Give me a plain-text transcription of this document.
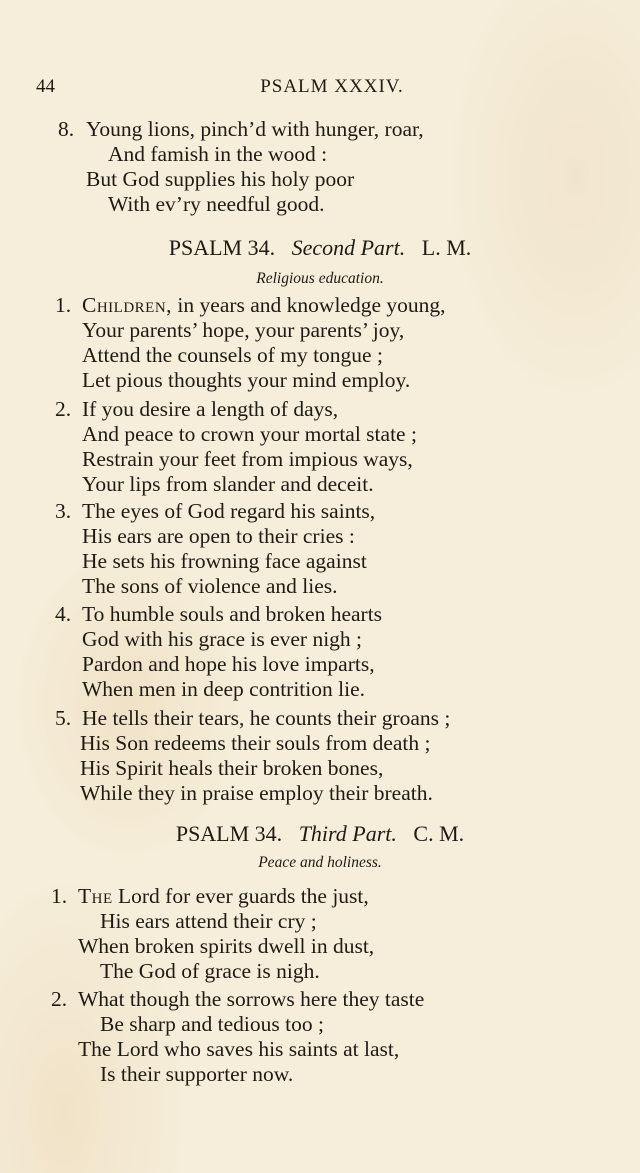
44	PSALM XXXIV.
8. Young lions, pinch’d with hunger, roar,
And famish in the wood :
But God supplies his holy poor
With ev’ry needful good.
PSALM 34. Second Part. L. M.
Religious education.
1. Children, in years and knowledge young,
Your parents’ hope, your parents’ joy,
Attend the counsels of my tongue ;
Let pious thoughts your mind employ.
2. If you desire a length of days,
And peace to crown your mortal state ;
Restrain your feet from impious ways,
Your lips from slander and deceit.
3. The eyes of God regard his saints,
His ears are open to their cries :
He sets his frowning face against
The sons of violence and lies.
4. To humble souls and broken hearts
God with his grace is ever nigh ;
Pardon and hope his love imparts,
When men in deep contrition lie.
5. He tells their tears, he counts their groans ;
His Son redeems their souls from death ;
His Spirit heals their broken bones,
While they in praise employ their breath.
PSALM 34. Third Part. C. M.
Peace and holiness.
1. The Lord for ever guards the just,
His ears attend their cry ;
When broken spirits dwell in dust,
The God of grace is nigh.
2. What though the sorrows here they taste
Be sharp and tedious too ;
The Lord who saves his saints at last,
Is their supporter now.
